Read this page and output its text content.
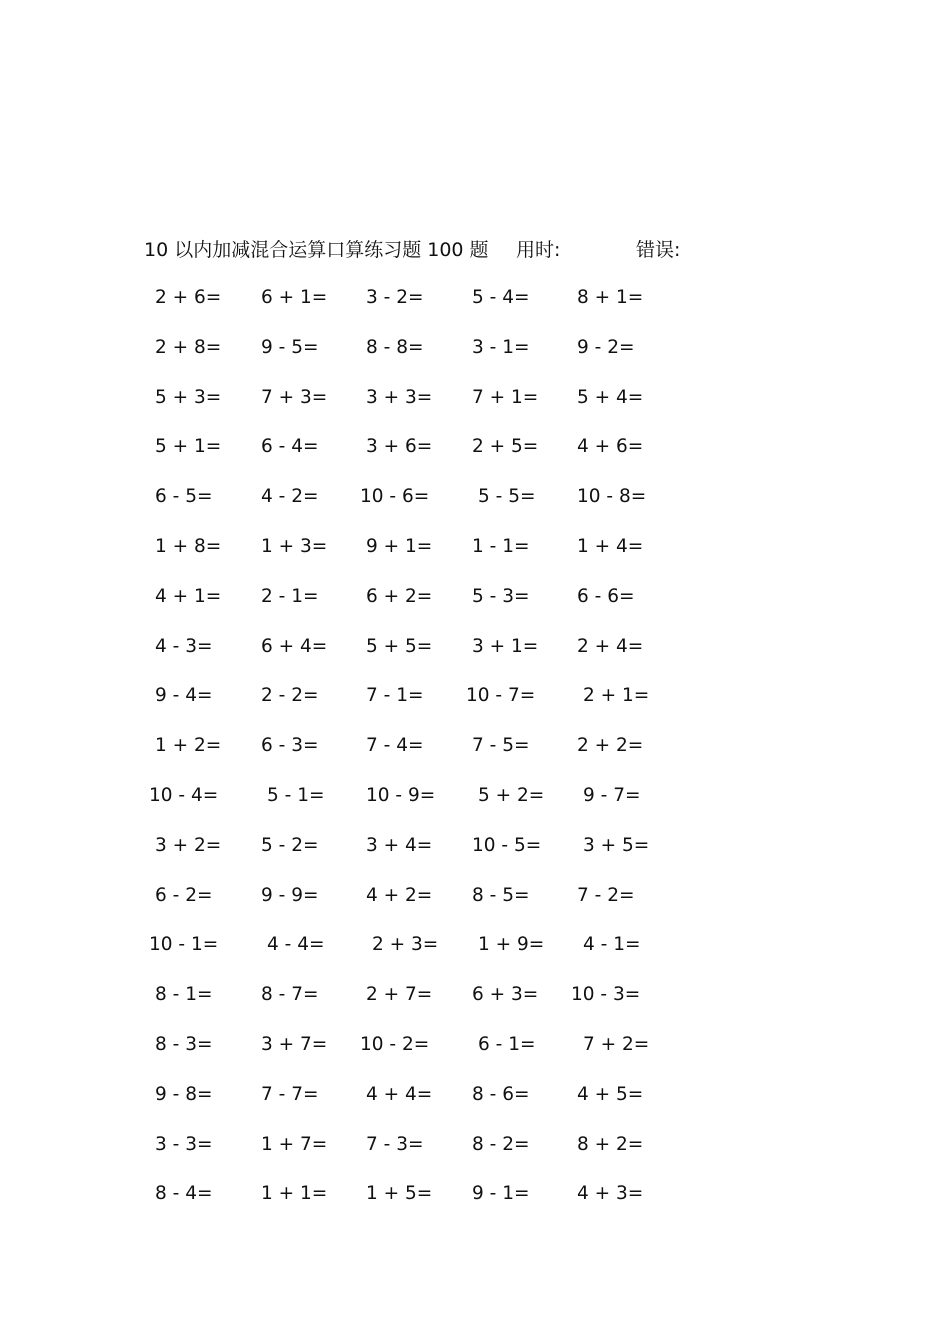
10 以内加减混合运算口算练习题 100 题 用时:	错误:
2 + 6=	6 + 1=	3 - 2=	5 - 4=	8 + 1=
2 + 8=	9 - 5=	8 - 8=	3 - 1=	9 - 2=
5 + 3=	7 + 3=	3 + 3=	7 + 1=	5 + 4=
5 + 1=	6 - 4=	3 + 6=	2 + 5=	4 + 6=
6 - 5=	4 - 2=	10 - 6=	5 - 5=	10 - 8=
1 + 8=	1 + 3=	9 + 1=	1 - 1=	1 + 4=
4 + 1=	2 - 1=	6 + 2=	5 - 3=	6 - 6=
4 - 3=	6 + 4=	5 + 5=	3 + 1=	2 + 4=
9 - 4=	2 - 2=	7 - 1=	10 - 7=	2 + 1=
1 + 2=	6 - 3=	7 - 4=	7 - 5=	2 + 2=
10 - 4=	5 - 1=	10 - 9=	5 + 2=	9 - 7=
3 + 2=	5 - 2=	3 + 4=	10 - 5=	3 + 5=
6 - 2=	9 - 9=	4 + 2=	8 - 5=	7 - 2=
10 - 1=	4 - 4=	2 + 3=	1 + 9=	4 - 1=
8 - 1=	8 - 7=	2 + 7=	6 + 3=	10 - 3=
8 - 3=	3 + 7=	10 - 2=	6 - 1=	7 + 2=
9 - 8=	7 - 7=	4 + 4=	8 - 6=	4 + 5=
3 - 3=	1 + 7=	7 - 3=	8 - 2=	8 + 2=
8 - 4=	1 + 1=	1 + 5=	9 - 1=	4 + 3=
